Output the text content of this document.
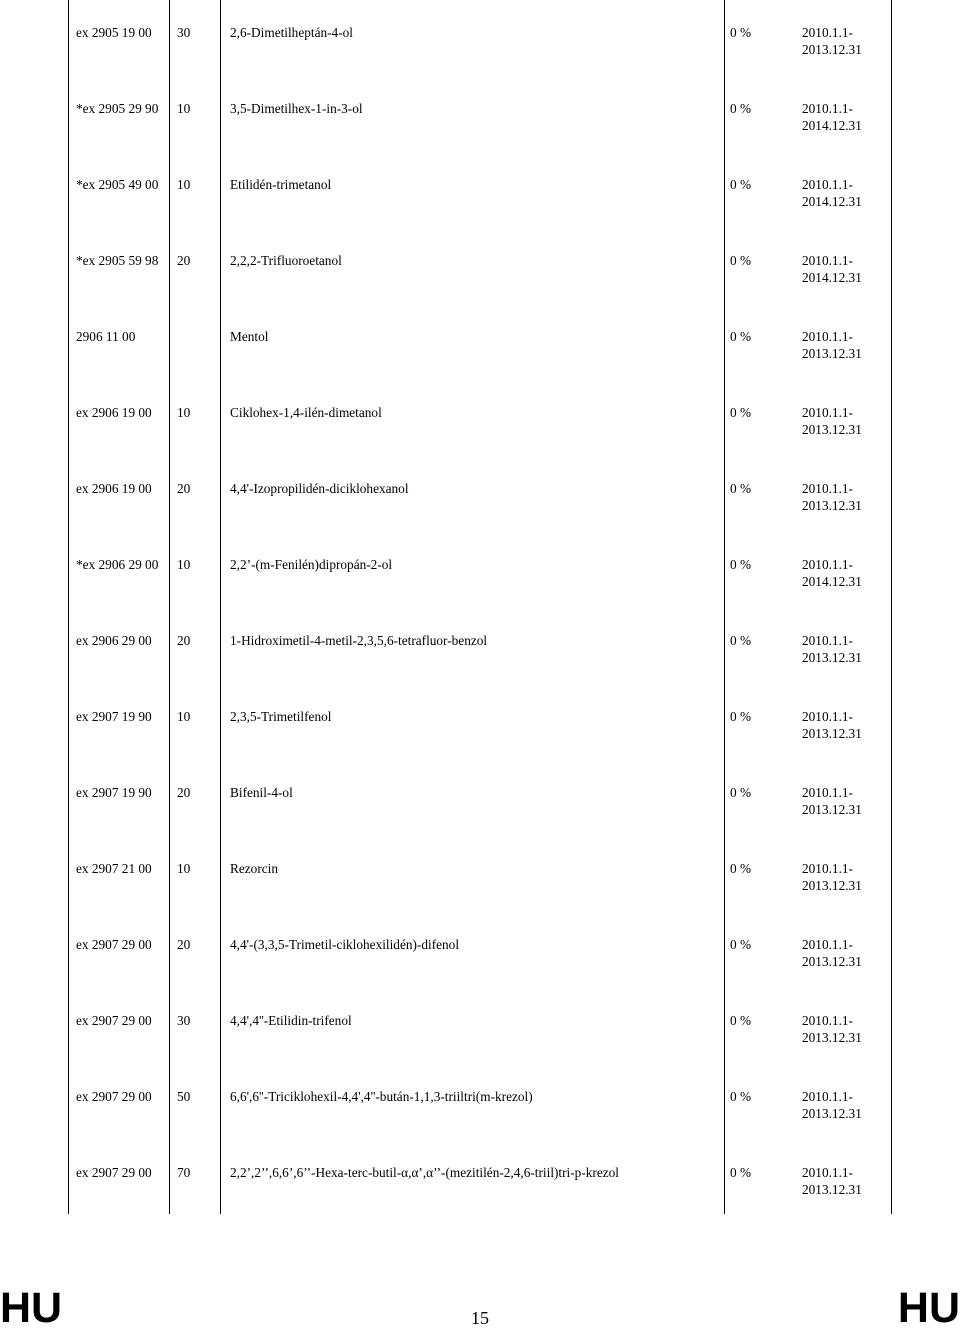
ex 2905 19 00 30	2,6-Dimetilheptán-4-ol	0 %	2010.1.1-
2013.12.31
*ex 2905 29 90 10	3,5-Dimetilhex-1-in-3-ol	0 %	2010.1.1-
2014.12.31
*ex 2905 49 00 10	Etilidén-trimetanol	0 %	2010.1.1-
2014.12.31
*ex 2905 59 98 20	2,2,2-Trifluoroetanol	0 %	2010.1.1-
2014.12.31
2906 11 00	Mentol	0 %	2010.1.1-
2013.12.31
ex 2906 19 00 10	Ciklohex-1,4-ilén-dimetanol	0 %	2010.1.1-
2013.12.31
ex 2906 19 00 20	4,4'-Izopropilidén-diciklohexanol	0 %	2010.1.1-
2013.12.31
*ex 2906 29 00 10	2,2’-(m-Fenilén)dipropán-2-ol	0 %	2010.1.1-
2014.12.31
ex 2906 29 00 20	1-Hidroximetil-4-metil-2,3,5,6-tetrafluor-benzol	0 %	2010.1.1-
2013.12.31
ex 2907 19 90 10	2,3,5-Trimetilfenol	0 %	2010.1.1-
2013.12.31
ex 2907 19 90 20	Bifenil-4-ol	0 %	2010.1.1-
2013.12.31
ex 2907 21 00 10	Rezorcin	0 %	2010.1.1-
2013.12.31
ex 2907 29 00 20	4,4'-(3,3,5-Trimetil-ciklohexilidén)-difenol	0 %	2010.1.1-
2013.12.31
ex 2907 29 00 30	4,4',4''-Etilidin-trifenol	0 %	2010.1.1-
2013.12.31
ex 2907 29 00 50	6,6',6''-Triciklohexil-4,4',4''-bután-1,1,3-triiltri(m-krezol)	0 %	2010.1.1-
2013.12.31
ex 2907 29 00 70	2,2’,2’’,6,6’,6’’-Hexa-terc-butil-α,α’,α’’-(mezitilén-2,4,6-triil)tri-p-krezol	0 %	2010.1.1-
2013.12.31
HU	15	HU
